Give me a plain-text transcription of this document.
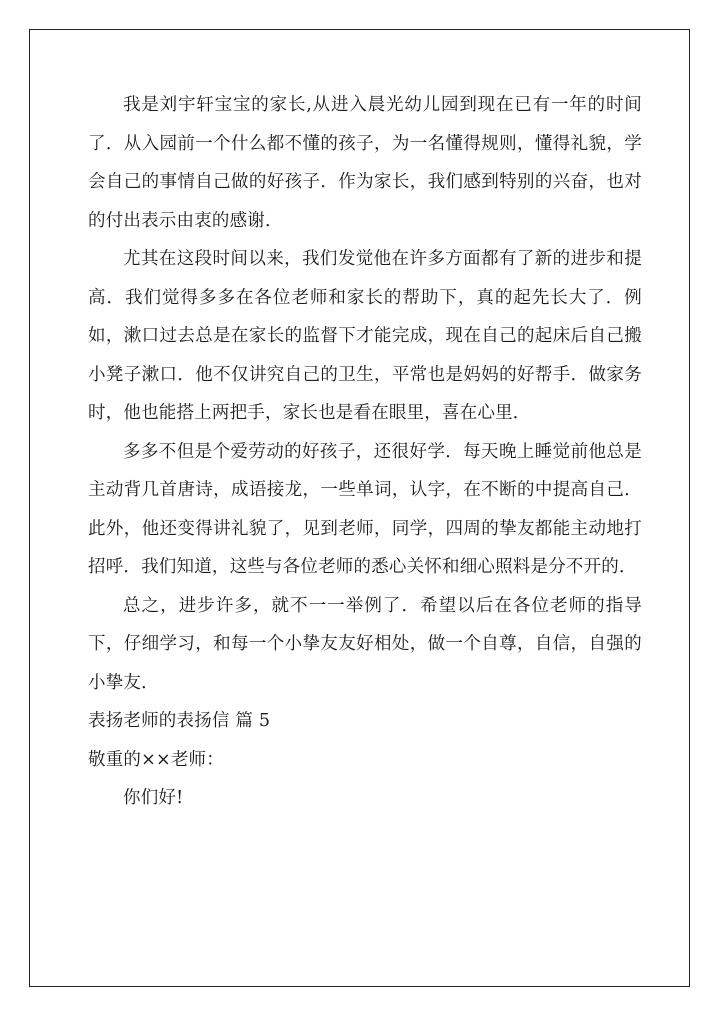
我是刘宇轩宝宝的家长,从进入晨光幼儿园到现在已有一年的时间了．从入园前一个什么都不懂的孩子，为一名懂得规则，懂得礼貌，学会自己的事情自己做的好孩子．作为家长，我们感到特别的兴奋，也对的付出表示由衷的感谢．

尤其在这段时间以来，我们发觉他在许多方面都有了新的进步和提高．我们觉得多多在各位老师和家长的帮助下，真的起先长大了．例如，漱口过去总是在家长的监督下才能完成，现在自己的起床后自己搬小凳子漱口．他不仅讲究自己的卫生，平常也是妈妈的好帮手．做家务时，他也能搭上两把手，家长也是看在眼里，喜在心里．

多多不但是个爱劳动的好孩子，还很好学．每天晚上睡觉前他总是主动背几首唐诗，成语接龙，一些单词，认字，在不断的中提高自己．此外，他还变得讲礼貌了，见到老师，同学，四周的挚友都能主动地打招呼．我们知道，这些与各位老师的悉心关怀和细心照料是分不开的．

总之，进步许多，就不一一举例了．希望以后在各位老师的指导下，仔细学习，和每一个小挚友友好相处，做一个自尊，自信，自强的小挚友．

表扬老师的表扬信 篇 5

敬重的××老师：

你们好!
